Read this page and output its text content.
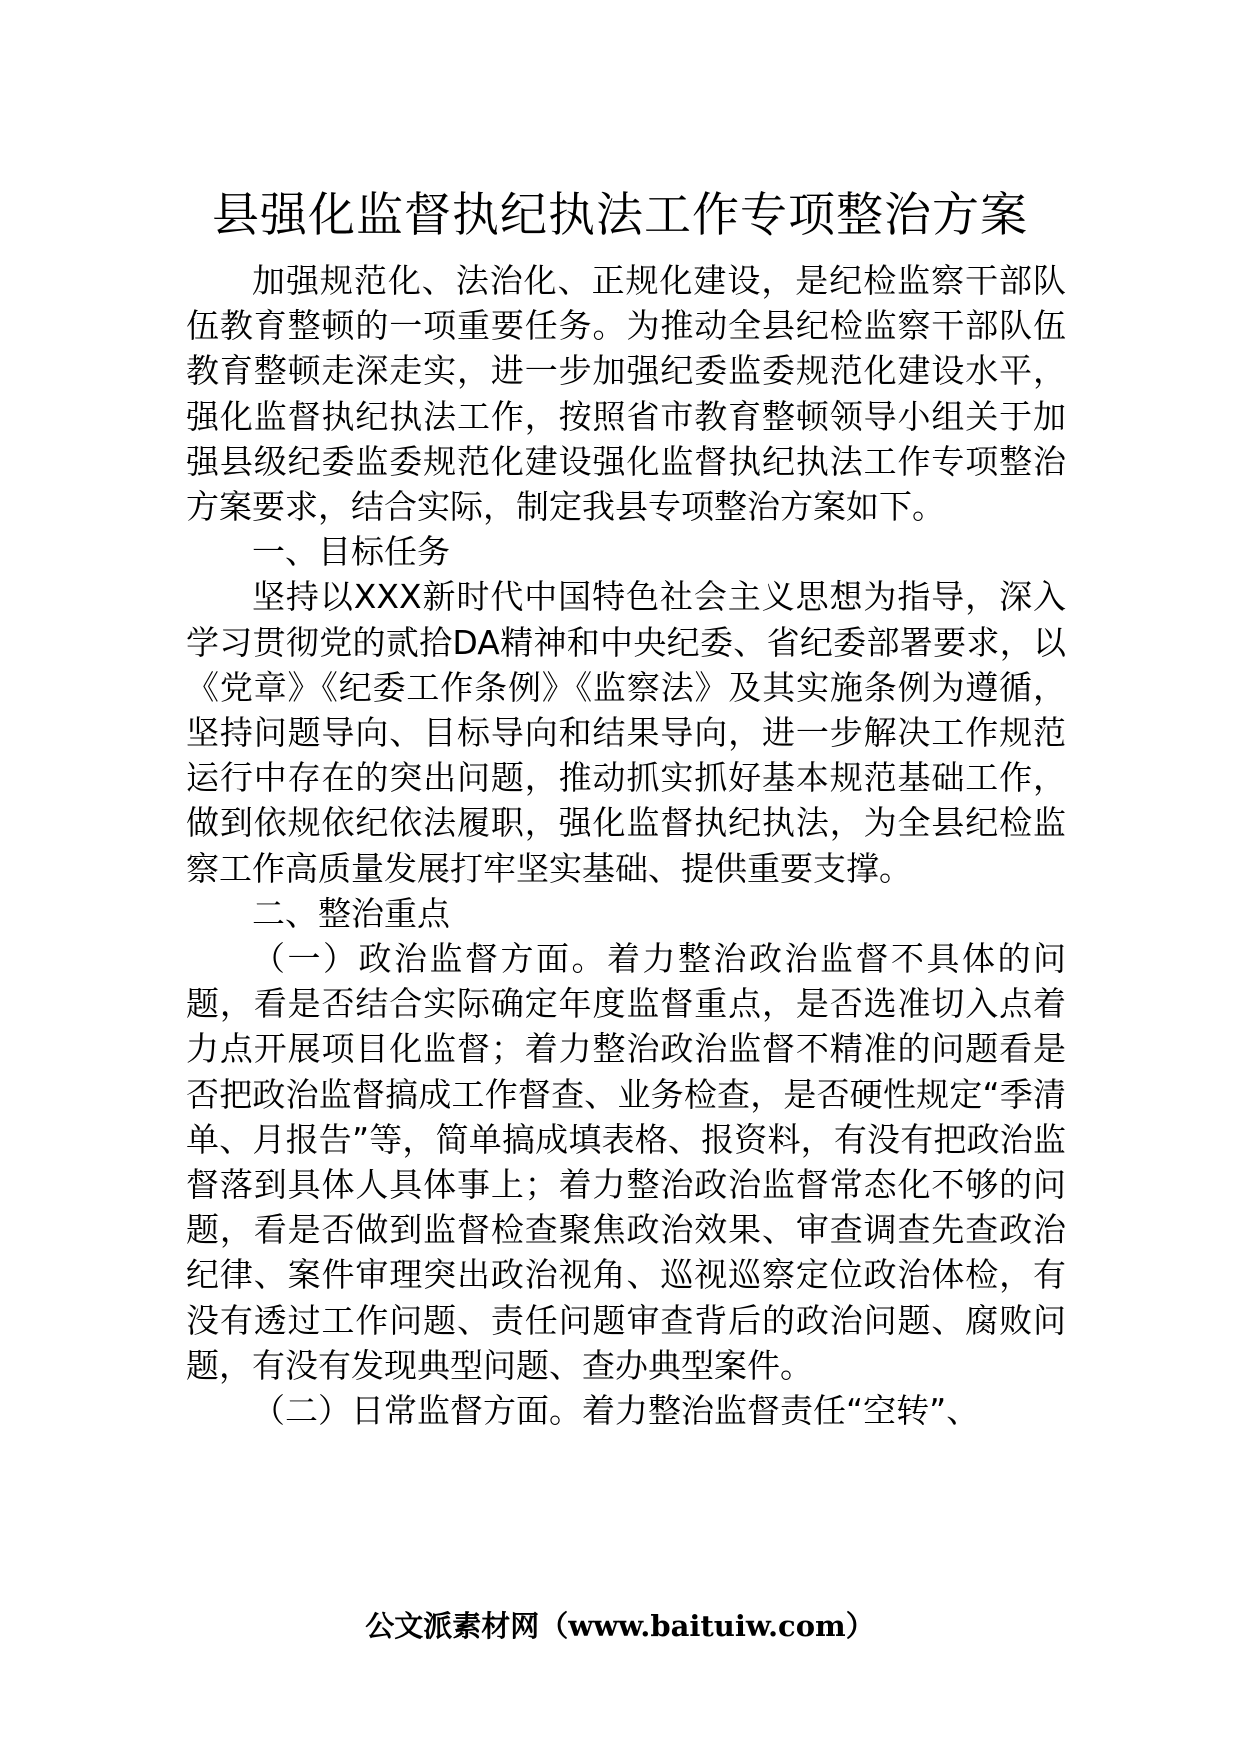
县强化监督执纪执法工作专项整治方案

加强规范化、法治化、正规化建设，是纪检监察干部队伍教育整顿的一项重要任务。为推动全县纪检监察干部队伍教育整顿走深走实，进一步加强纪委监委规范化建设水平，强化监督执纪执法工作，按照省市教育整顿领导小组关于加强县级纪委监委规范化建设强化监督执纪执法工作专项整治方案要求，结合实际，制定我县专项整治方案如下。

一、目标任务

坚持以XXX新时代中国特色社会主义思想为指导，深入学习贯彻党的贰拾DA精神和中央纪委、省纪委部署要求，以《党章》《纪委工作条例》《监察法》及其实施条例为遵循，坚持问题导向、目标导向和结果导向，进一步解决工作规范运行中存在的突出问题，推动抓实抓好基本规范基础工作，做到依规依纪依法履职，强化监督执纪执法，为全县纪检监察工作高质量发展打牢坚实基础、提供重要支撑。

二、整治重点

（一）政治监督方面。着力整治政治监督不具体的问题，看是否结合实际确定年度监督重点，是否选准切入点着力点开展项目化监督；着力整治政治监督不精准的问题看是否把政治监督搞成工作督查、业务检查，是否硬性规定“季清单、月报告”等，简单搞成填表格、报资料，有没有把政治监督落到具体人具体事上；着力整治政治监督常态化不够的问题，看是否做到监督检查聚焦政治效果、审查调查先查政治纪律、案件审理突出政治视角、巡视巡察定位政治体检，有没有透过工作问题、责任问题审查背后的政治问题、腐败问题，有没有发现典型问题、查办典型案件。

（二）日常监督方面。着力整治监督责任“空转”、

公文派素材网（www.baituiw.com）
